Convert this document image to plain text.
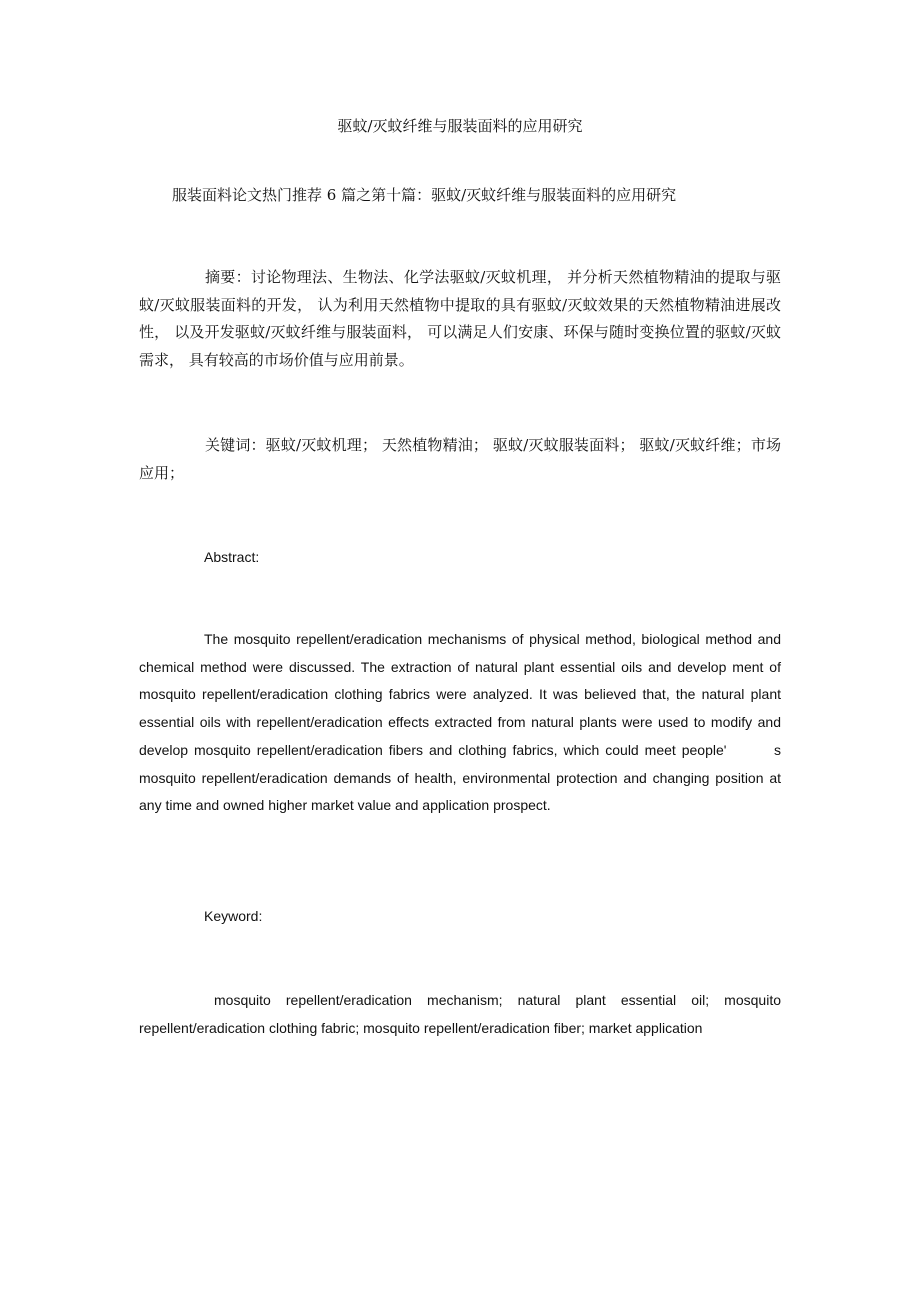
驱蚊/灭蚊纤维与服装面料的应用研究
服装面料论文热门推荐 6 篇之第十篇：驱蚊/灭蚊纤维与服装面料的应用研究

摘要：讨论物理法、生物法、化学法驱蚊/灭蚊机理， 并分析天然植物精油的提取与驱蚊/灭蚊服装面料的开发， 认为利用天然植物中提取的具有驱蚊/灭蚊效果的天然植物精油进展改性， 以及开发驱蚊/灭蚊纤维与服装面料， 可以满足人们安康、环保与随时变换位置的驱蚊/灭蚊需求， 具有较高的市场价值与应用前景。

关键词：驱蚊/灭蚊机理； 天然植物精油； 驱蚊/灭蚊服装面料； 驱蚊/灭蚊纤维；市场应用；

Abstract:

The mosquito repellent/eradication mechanisms of physical method, biological method and chemical method were discussed. The extraction of natural plant essential oils and develop ment of mosquito repellent/eradication clothing fabrics were analyzed. It was believed that, the natural plant essential oils with repellent/eradication effects extracted from natural plants were used to modify and develop mosquito repellent/eradication fibers and clothing fabrics, which could meet people'        s mosquito repellent/eradication demands of health, environmental protection and changing position at any time and owned higher market value and application prospect.

Keyword:

mosquito repellent/eradication mechanism; natural plant essential oil; mosquito repellent/eradication clothing fabric; mosquito repellent/eradication fiber; market application
